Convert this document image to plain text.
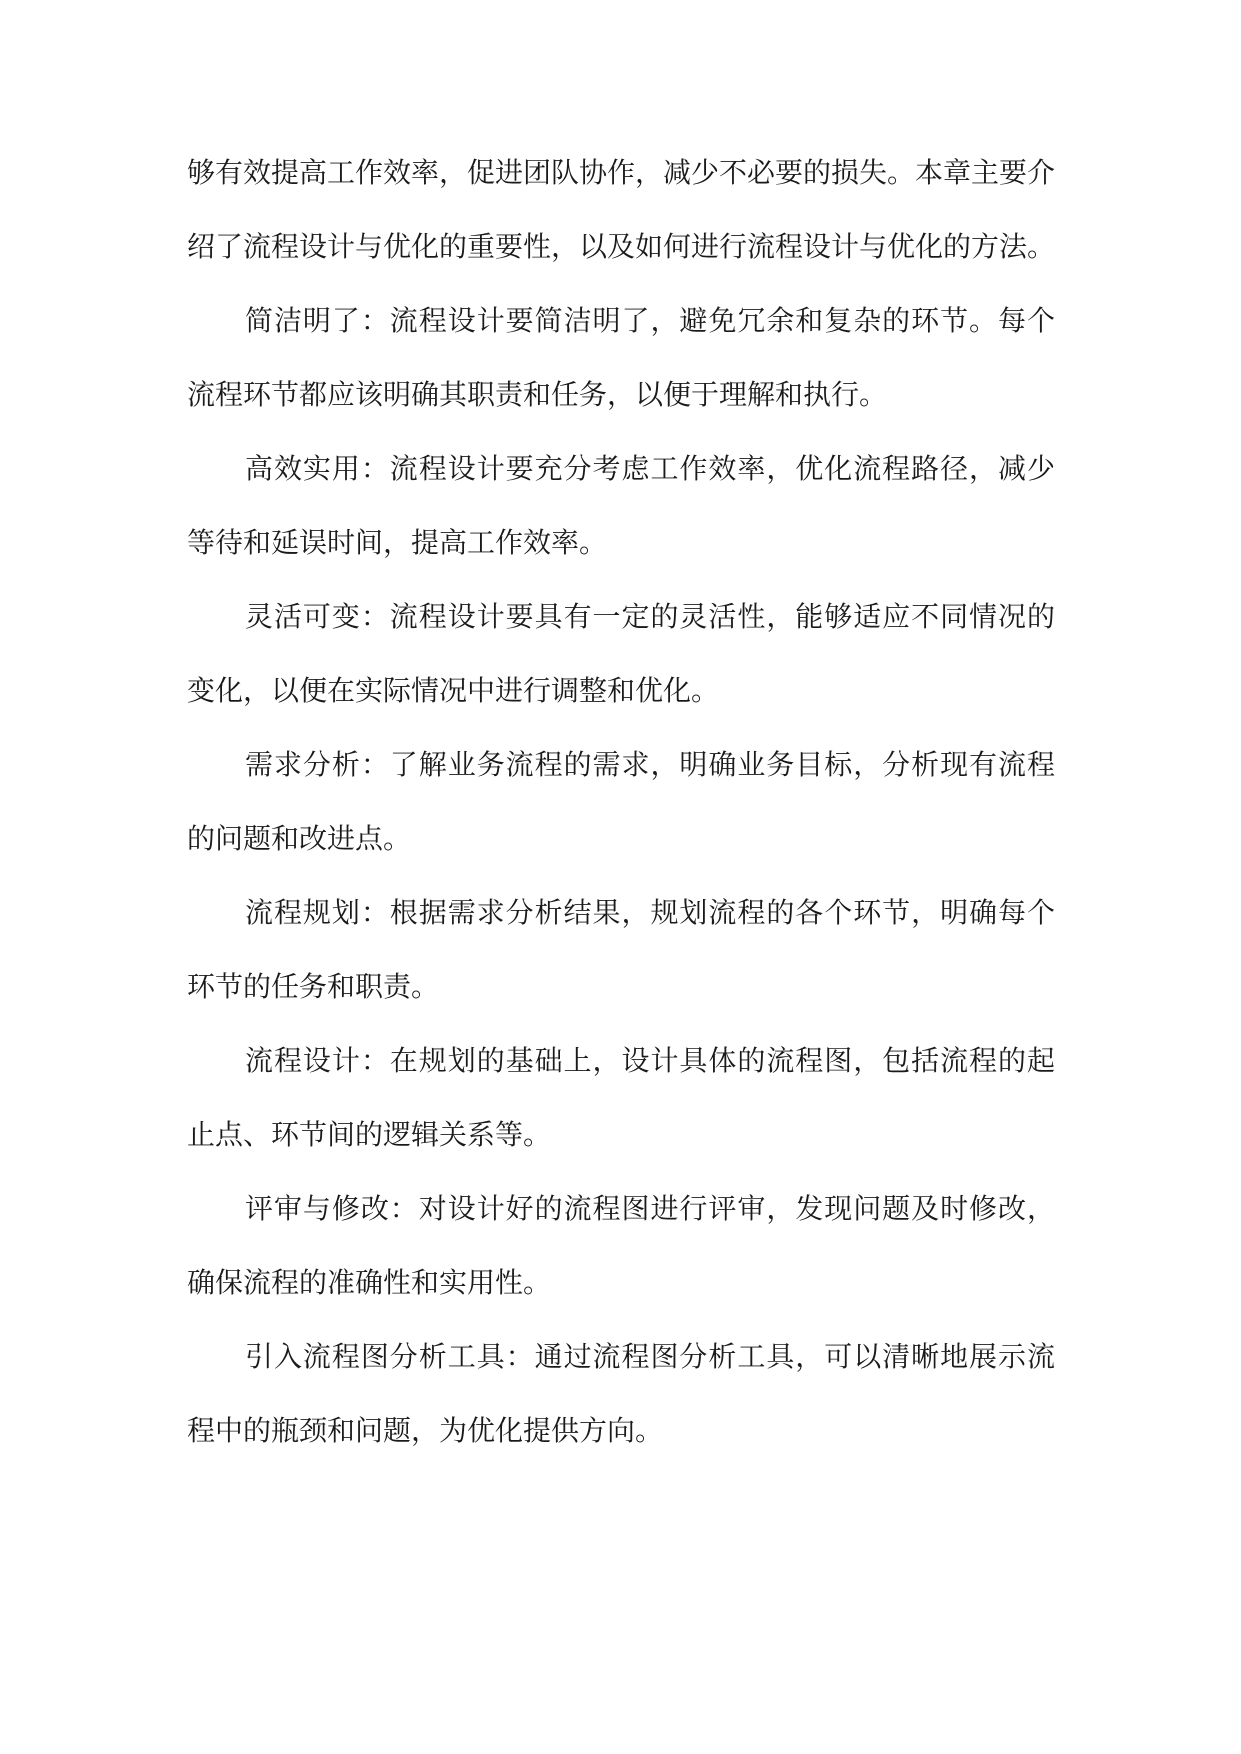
够有效提高工作效率，促进团队协作，减少不必要的损失。本章主要介绍了流程设计与优化的重要性，以及如何进行流程设计与优化的方法。

简洁明了：流程设计要简洁明了，避免冗余和复杂的环节。每个流程环节都应该明确其职责和任务，以便于理解和执行。

高效实用：流程设计要充分考虑工作效率，优化流程路径，减少等待和延误时间，提高工作效率。

灵活可变：流程设计要具有一定的灵活性，能够适应不同情况的变化，以便在实际情况中进行调整和优化。

需求分析：了解业务流程的需求，明确业务目标，分析现有流程的问题和改进点。

流程规划：根据需求分析结果，规划流程的各个环节，明确每个环节的任务和职责。

流程设计：在规划的基础上，设计具体的流程图，包括流程的起止点、环节间的逻辑关系等。

评审与修改：对设计好的流程图进行评审，发现问题及时修改，确保流程的准确性和实用性。

引入流程图分析工具：通过流程图分析工具，可以清晰地展示流程中的瓶颈和问题，为优化提供方向。
